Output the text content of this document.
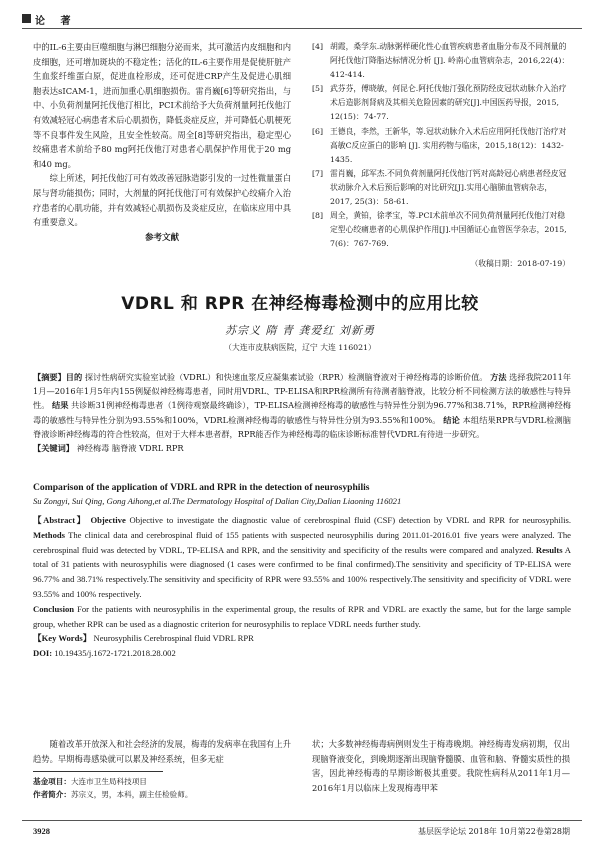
论 著

中的IL-6主要由巨噬细胞与淋巴细胞分泌而来，其可激活内皮细胞和内皮细胞，还可增加斑块的不稳定性；活化的IL-6主要作用是促使肝脏产生血浆纤维蛋白原，促进血栓形成，还可促进CRP产生及促进心肌细胞表达sICAM-1，进而加重心肌细胞损伤。雷肖巍[6]等研究指出，与中、小负荷剂量阿托伐他汀相比，PCI术前给予大负荷剂量阿托伐他汀有效减轻冠心病患者术后心肌损伤，降低炎症反应，并可降低心肌梗死等不良事件发生风险，且安全性较高。周全[8]等研究指出，稳定型心绞痛患者术前给予80 mg阿托伐他汀对患者心肌保护作用优于20 mg和40 mg。

综上所述，阿托伐他汀可有效改善冠脉造影引发的一过性微量蛋白尿与肾功能损伤；同时，大剂量的阿托伐他汀可有效保护心绞痛介入治疗患者的心肌功能，并有效减轻心肌损伤及炎症反应，在临床应用中具有重要意义。

参考文献
[4] 胡霞，桑学东.动脉粥样硬化性心血管疾病患者血脂分布及不同剂量的阿托伐他汀降脂达标情况分析 [J]. 岭南心血管病杂志，2016,22(4)：412-414.
[5] 武芬芬，傅晓敏，何昆仑.阿托伐他汀强化预防经皮冠状动脉介入治疗术后造影剂肾病及其相关危险因素的研究[J].中国医药导报，2015, 12(15)：74-77.
[6] 王德良，李然，王新华，等.冠状动脉介入术后应用阿托伐他汀治疗对高敏C反应蛋白的影响 [J]. 实用药物与临床，2015,18(12)：1432-1435.
[7] 雷肖巍，邱军杰.不同负荷剂量阿托伐他汀钙对高龄冠心病患者经皮冠状动脉介入术后预后影响的对比研究[J].实用心脑肺血管病杂志，2017, 25(3)：58-61.
[8] 周全，黄铂，徐孝宝，等.PCI术前单次不同负荷剂量阿托伐他汀对稳定型心绞痛患者的心肌保护作用[J].中国循证心血管医学杂志，2015, 7(6)：767-769.
（收稿日期：2018-07-19）
VDRL 和 RPR 在神经梅毒检测中的应用比较
苏宗义 隋 青 龚爱红 刘新勇
（大连市皮肤病医院，辽宁 大连 116021）

【摘要】目的 探讨性病研究实验室试验（VDRL）和快速血浆反应凝集素试验（RPR）检测脑脊液对于神经梅毒的诊断价值。 方法 选择我院2011年1月—2016年1月5年内155例疑似神经梅毒患者，同时用VDRL、TP-ELISA和RPR检测所有待测者脑脊液，比较分析不同检测方法的敏感性与特异性。 结果 共诊断31例神经梅毒患者（1例待观察最终确诊），TP-ELISA检测神经梅毒的敏感性与特异性分别为96.77%和38.71%，RPR检测神经梅毒的敏感性与特异性分别为93.55%和100%，VDRL检测神经梅毒的敏感性与特异性分别为93.55%和100%。 结论 本组结果RPR与VDRL检测脑脊液诊断神经梅毒的符合性较高，但对于大样本患者群，RPR能否作为神经梅毒的临床诊断标准替代VDRL有待进一步研究。

【关键词】 神经梅毒 脑脊液 VDRL RPR

Comparison of the application of VDRL and RPR in the detection of neurosyphilis
Su Zongyi, Sui Qing, Gong Aihong,et al.The Dermatology Hospital of Dalian City,Dalian Liaoning 116021

【Abstract】 Objective Objective to investigate the diagnostic value of cerebrospinal fluid (CSF) detection by VDRL and RPR for neurosyphilis. Methods The clinical data and cerebrospinal fluid of 155 patients with suspected neurosyphilis during 2011.01-2016.01 five years were analyzed. The cerebrospinal fluid was detected by VDRL, TP-ELISA and RPR, and the sensitivity and specificity of the results were compared and analyzed. Results A total of 31 patients with neurosyphilis were diagnosed (1 cases were confirmed to be final confirmed).The sensitivity and specificity of TP-ELISA were 96.77% and 38.71% respectively.The sensitivity and specificity of RPR were 93.55% and 100% respectively.The sensitivity and specificity of VDRL were 93.55% and 100% respectively.

Conclusion For the patients with neurosyphilis in the experimental group, the results of RPR and VDRL are exactly the same, but for the large sample group, whether RPR can be used as a diagnostic criterion for neurosyphilis to replace VDRL needs further study.

【Key Words】 Neurosyphilis Cerebrospinal fluid VDRL RPR

DOI: 10.19435/j.1672-1721.2018.28.002

随着改革开放深入和社会经济的发展，梅毒的发病率在我国有上升趋势。早期梅毒感染就可以累及神经系统，但多无症

状；大多数神经梅毒病例则发生于梅毒晚期。神经梅毒发病初期，仅出现脑脊液变化，到晚期逐渐出现脑脊髓膜、血管和脑、脊髓实质性的损害，因此神经梅毒的早期诊断极其重要。我院性病科从2011年1月—2016年1月以临床上发现梅毒甲苯

基金项目：大连市卫生局科技项目
作者简介：苏宗义，男，本科，副主任检验师。
3928	基层医学论坛 2018年 10月第22卷第28期
